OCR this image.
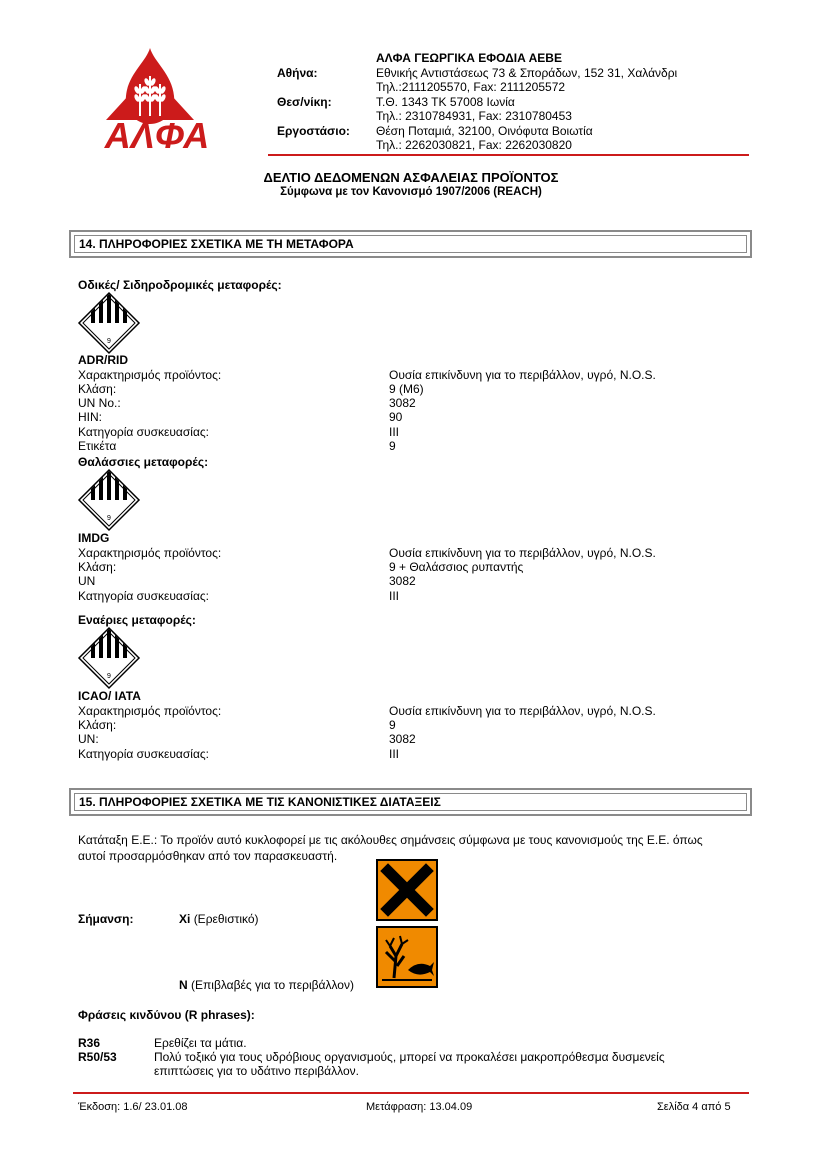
ΑΛΦΑ
ΑΛΦΑ ΓΕΩΡΓΙΚΑ ΕΦΟΔΙΑ ΑΕΒΕ
Αθήνα:	Εθνικής Αντιστάσεως 73 & Σποράδων, 152 31, Χαλάνδρι
Τηλ.:2111205570, Fax: 2111205572
Θεσ/νίκη:	Τ.Θ. 1343 ΤΚ 57008 Ιωνία
Τηλ.: 2310784931, Fax: 2310780453
Εργοστάσιο: Θέση Ποταμιά, 32100, Οινόφυτα Βοιωτία
Τηλ.: 2262030821, Fax: 2262030820
ΔΕΛΤΙΟ ΔΕΔΟΜΕΝΩΝ ΑΣΦΑΛΕΙΑΣ ΠΡΟΪΟΝΤΟΣ
Σύμφωνα με τον Κανονισμό 1907/2006 (REACH)
14. ΠΛΗΡΟΦΟΡΙΕΣ ΣΧΕΤΙΚΑ ΜΕ ΤΗ ΜΕΤΑΦΟΡΑ
Οδικές/ Σιδηροδρομικές μεταφορές:
9
ADR/RID
Χαρακτηρισμός προϊόντος:	Ουσία επικίνδυνη για το περιβάλλον, υγρό, N.O.S.
Κλάση:	9 (M6)
UN No.:	3082
HIN:	90
Κατηγορία συσκευασίας:	III
Ετικέτα	9
Θαλάσσιες μεταφορές:
9
IMDG
Χαρακτηρισμός προϊόντος:	Ουσία επικίνδυνη για το περιβάλλον, υγρό, N.O.S.
Κλάση:	9 + Θαλάσσιος ρυπαντής
UN	3082
Κατηγορία συσκευασίας:	III
Εναέριες μεταφορές:
9
ICAO/ IATA
Χαρακτηρισμός προϊόντος:	Ουσία επικίνδυνη για το περιβάλλον, υγρό, N.O.S.
Κλάση:	9
UN:	3082
Κατηγορία συσκευασίας:	III
15. ΠΛΗΡΟΦΟΡΙΕΣ ΣΧΕΤΙΚΑ ΜΕ ΤΙΣ ΚΑΝΟΝΙΣΤΙΚΕΣ ΔΙΑΤΑΞΕΙΣ
Κατάταξη Ε.Ε.: Το προϊόν αυτό κυκλοφορεί με τις ακόλουθες σημάνσεις σύμφωνα με τους κανονισμούς της Ε.Ε. όπως
αυτοί προσαρμόσθηκαν από τον παρασκευαστή.
Σήμανση:	Xi (Ερεθιστικό)
N (Επιβλαβές για το περιβάλλον)
Φράσεις κινδύνου (R phrases):
R36	Ερεθίζει τα μάτια.
R50/53	Πολύ τοξικό για τους υδρόβιους οργανισμούς, μπορεί να προκαλέσει μακροπρόθεσμα δυσμενείς
επιπτώσεις για το υδάτινο περιβάλλον.
Έκδοση: 1.6/ 23.01.08	Μετάφραση: 13.04.09	Σελίδα 4 από 5
